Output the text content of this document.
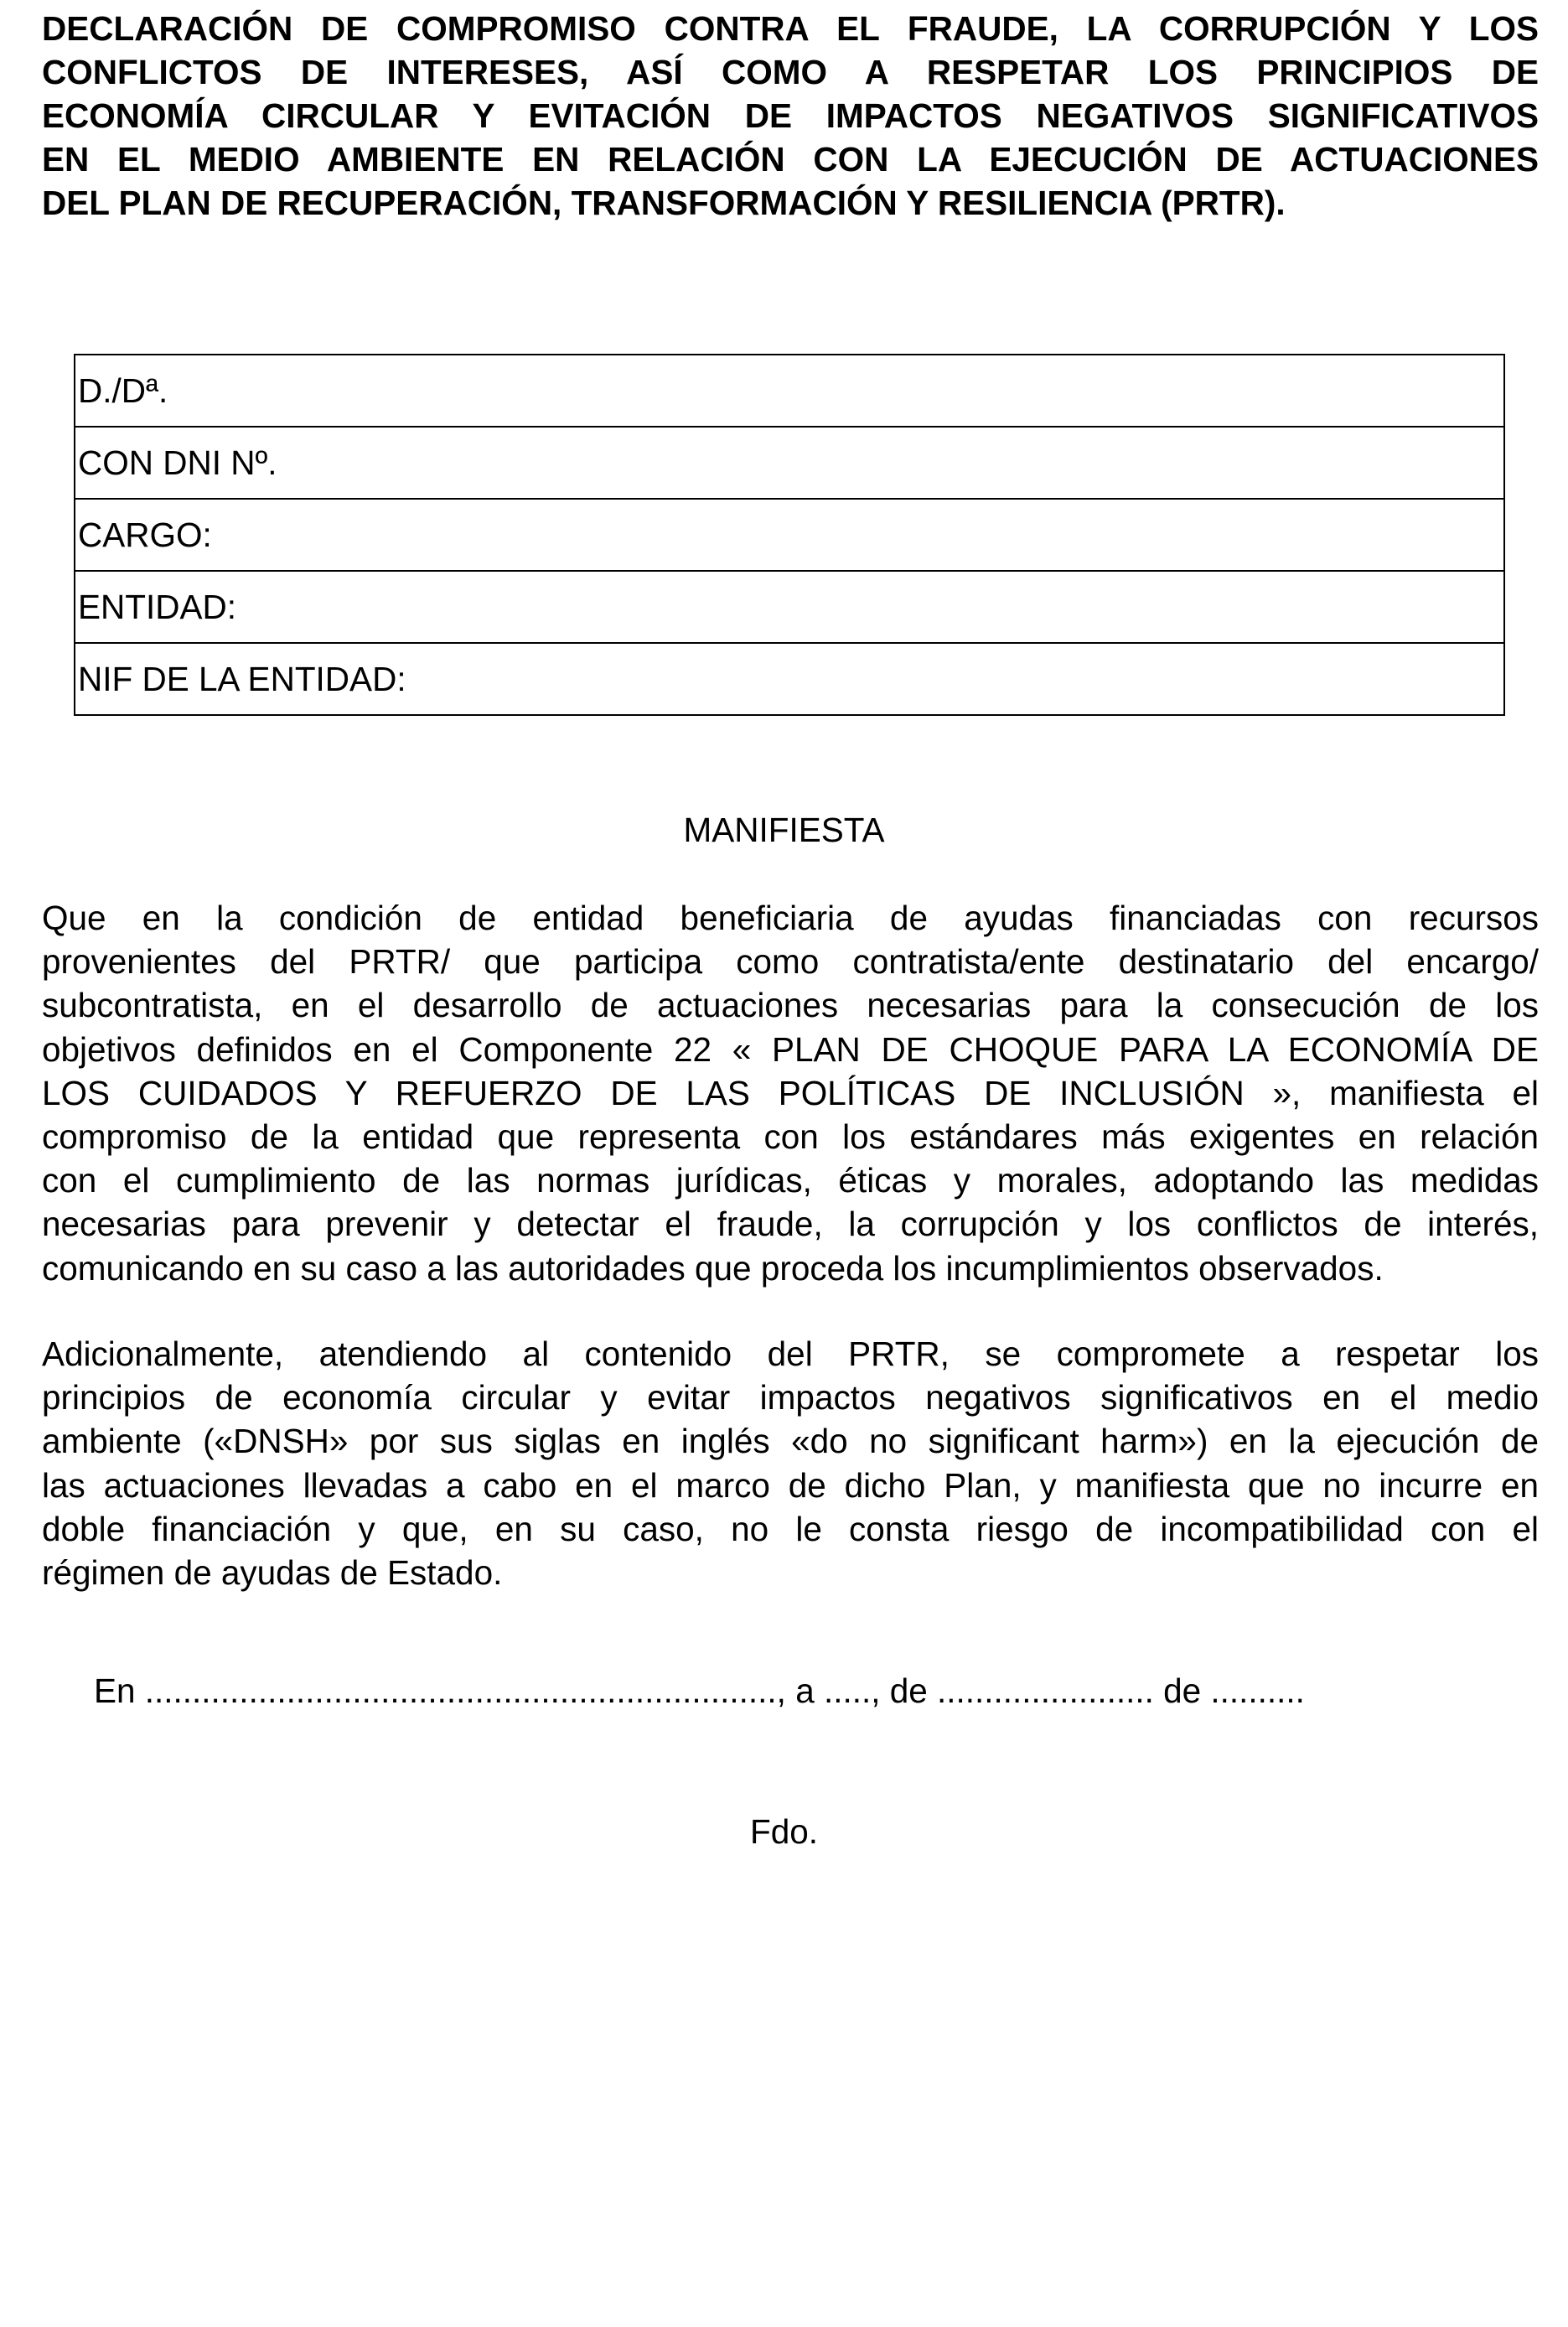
DECLARACIÓN DE COMPROMISO CONTRA EL FRAUDE, LA CORRUPCIÓN Y LOS
CONFLICTOS DE INTERESES, ASÍ COMO A RESPETAR LOS PRINCIPIOS DE
ECONOMÍA CIRCULAR Y EVITACIÓN DE IMPACTOS NEGATIVOS SIGNIFICATIVOS
EN EL MEDIO AMBIENTE EN RELACIÓN CON LA EJECUCIÓN DE ACTUACIONES
DEL PLAN DE RECUPERACIÓN, TRANSFORMACIÓN Y RESILIENCIA (PRTR).
D./Dª.
CON DNI Nº.
CARGO:
ENTIDAD:
NIF DE LA ENTIDAD:

MANIFIESTA

Que en la condición de entidad beneficiaria de ayudas financiadas con recursos
provenientes del PRTR/ que participa como contratista/ente destinatario del encargo/
subcontratista, en el desarrollo de actuaciones necesarias para la consecución de los
objetivos definidos en el Componente 22 « PLAN DE CHOQUE PARA LA ECONOMÍA DE
LOS CUIDADOS Y REFUERZO DE LAS POLÍTICAS DE INCLUSIÓN », manifiesta el
compromiso de la entidad que representa con los estándares más exigentes en relación
con el cumplimiento de las normas jurídicas, éticas y morales, adoptando las medidas
necesarias para prevenir y detectar el fraude, la corrupción y los conflictos de interés,
comunicando en su caso a las autoridades que proceda los incumplimientos observados.

Adicionalmente, atendiendo al contenido del PRTR, se compromete a respetar los
principios de economía circular y evitar impactos negativos significativos en el medio
ambiente («DNSH» por sus siglas en inglés «do no significant harm») en la ejecución de
las actuaciones llevadas a cabo en el marco de dicho Plan, y manifiesta que no incurre en
doble financiación y que, en su caso, no le consta riesgo de incompatibilidad con el
régimen de ayudas de Estado.

En ..................................................................., a ....., de ....................... de ..........

Fdo.
